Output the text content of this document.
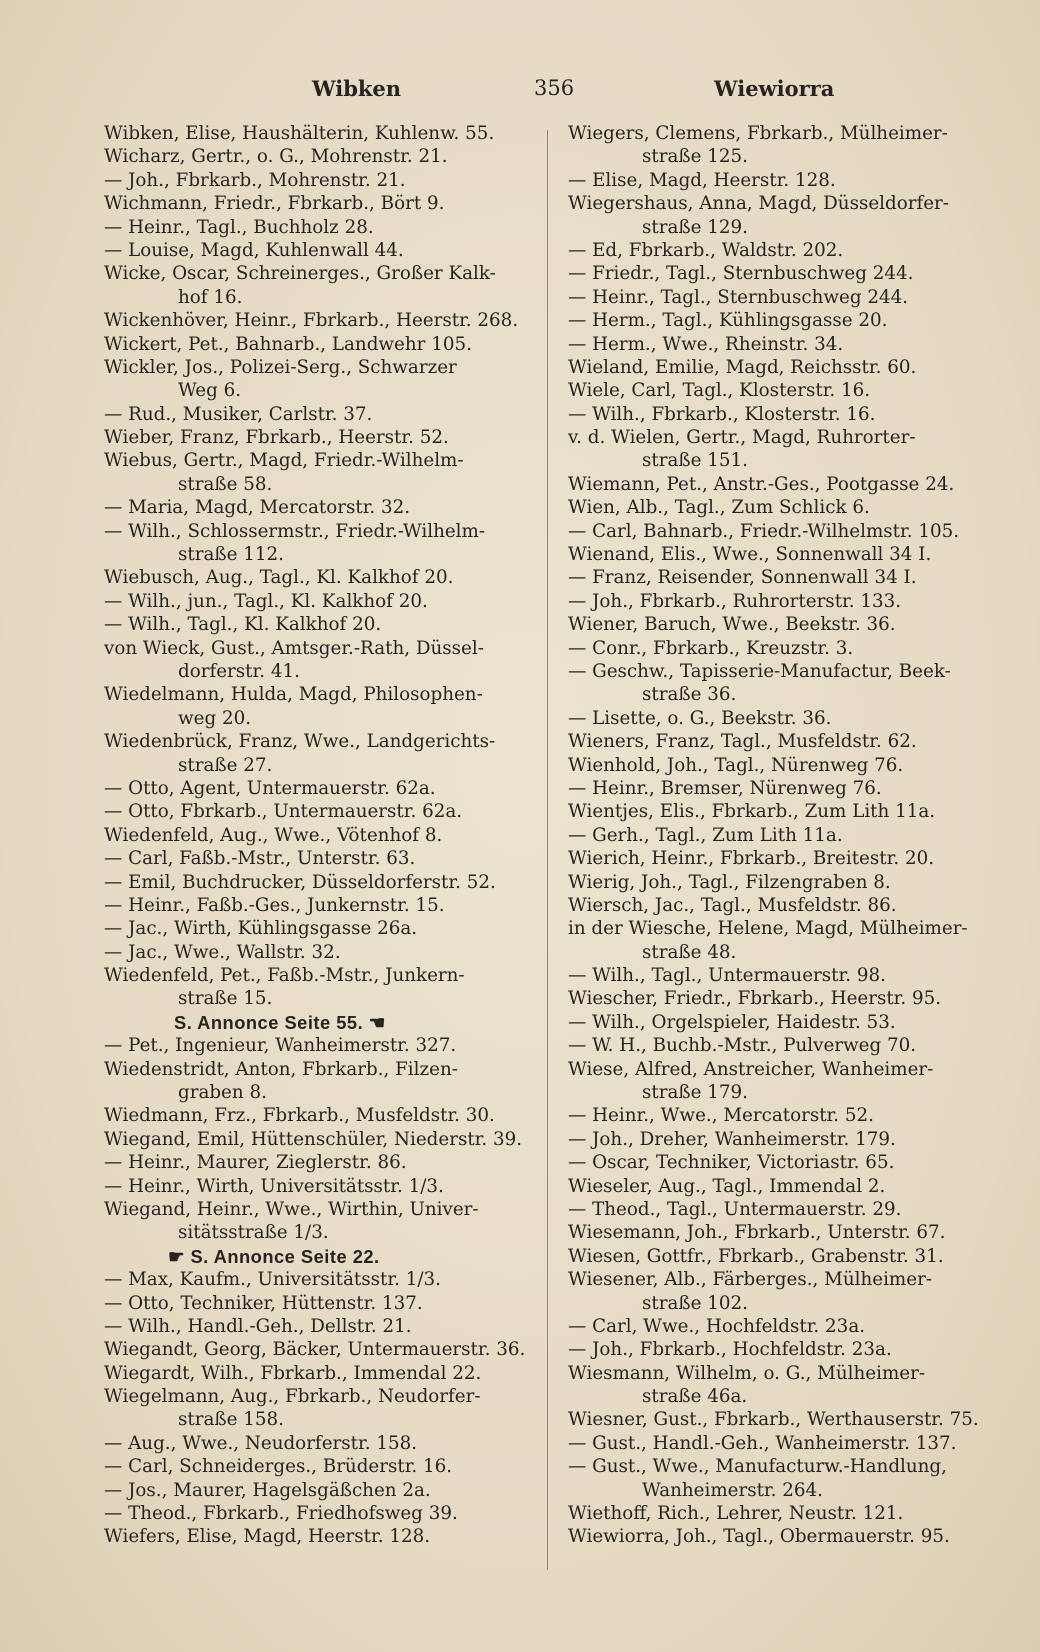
Wibken	356	Wiewiorra
Wibken, Elise, Haushälterin, Kuhlenw. 55.
Wicharz, Gertr., o. G., Mohrenstr. 21.
— Joh., Fbrkarb., Mohrenstr. 21.
Wichmann, Friedr., Fbrkarb., Bört 9.
— Heinr., Tagl., Buchholz 28.
— Louise, Magd, Kuhlenwall 44.
Wicke, Oscar, Schreinerges., Großer Kalk-
hof 16.
Wickenhöver, Heinr., Fbrkarb., Heerstr. 268.
Wickert, Pet., Bahnarb., Landwehr 105.
Wickler, Jos., Polizei-Serg., Schwarzer
Weg 6.
— Rud., Musiker, Carlstr. 37.
Wieber, Franz, Fbrkarb., Heerstr. 52.
Wiebus, Gertr., Magd, Friedr.-Wilhelm-
straße 58.
— Maria, Magd, Mercatorstr. 32.
— Wilh., Schlossermstr., Friedr.-Wilhelm-
straße 112.
Wiebusch, Aug., Tagl., Kl. Kalkhof 20.
— Wilh., jun., Tagl., Kl. Kalkhof 20.
— Wilh., Tagl., Kl. Kalkhof 20.
von Wieck, Gust., Amtsger.-Rath, Düssel-
dorferstr. 41.
Wiedelmann, Hulda, Magd, Philosophen-
weg 20.
Wiedenbrück, Franz, Wwe., Landgerichts-
straße 27.
— Otto, Agent, Untermauerstr. 62a.
— Otto, Fbrkarb., Untermauerstr. 62a.
Wiedenfeld, Aug., Wwe., Vötenhof 8.
— Carl, Faßb.-Mstr., Unterstr. 63.
— Emil, Buchdrucker, Düsseldorferstr. 52.
— Heinr., Faßb.-Ges., Junkernstr. 15.
— Jac., Wirth, Kühlingsgasse 26a.
— Jac., Wwe., Wallstr. 32.
Wiedenfeld, Pet., Faßb.-Mstr., Junkern-
straße 15.
S. Annonce Seite 55. ☚
— Pet., Ingenieur, Wanheimerstr. 327.
Wiedenstridt, Anton, Fbrkarb., Filzen-
graben 8.
Wiedmann, Frz., Fbrkarb., Musfeldstr. 30.
Wiegand, Emil, Hüttenschüler, Niederstr. 39.
— Heinr., Maurer, Zieglerstr. 86.
— Heinr., Wirth, Universitätsstr. 1/3.
Wiegand, Heinr., Wwe., Wirthin, Univer-
sitätsstraße 1/3.
☛ S. Annonce Seite 22.
— Max, Kaufm., Universitätsstr. 1/3.
— Otto, Techniker, Hüttenstr. 137.
— Wilh., Handl.-Geh., Dellstr. 21.
Wiegandt, Georg, Bäcker, Untermauerstr. 36.
Wiegardt, Wilh., Fbrkarb., Immendal 22.
Wiegelmann, Aug., Fbrkarb., Neudorfer-
straße 158.
— Aug., Wwe., Neudorferstr. 158.
— Carl, Schneiderges., Brüderstr. 16.
— Jos., Maurer, Hagelsgäßchen 2a.
— Theod., Fbrkarb., Friedhofsweg 39.
Wiefers, Elise, Magd, Heerstr. 128.
Wiegers, Clemens, Fbrkarb., Mülheimer-
straße 125.
— Elise, Magd, Heerstr. 128.
Wiegershaus, Anna, Magd, Düsseldorfer-
straße 129.
— Ed, Fbrkarb., Waldstr. 202.
— Friedr., Tagl., Sternbuschweg 244.
— Heinr., Tagl., Sternbuschweg 244.
— Herm., Tagl., Kühlingsgasse 20.
— Herm., Wwe., Rheinstr. 34.
Wieland, Emilie, Magd, Reichsstr. 60.
Wiele, Carl, Tagl., Klosterstr. 16.
— Wilh., Fbrkarb., Klosterstr. 16.
v. d. Wielen, Gertr., Magd, Ruhrorter-
straße 151.
Wiemann, Pet., Anstr.-Ges., Pootgasse 24.
Wien, Alb., Tagl., Zum Schlick 6.
— Carl, Bahnarb., Friedr.-Wilhelmstr. 105.
Wienand, Elis., Wwe., Sonnenwall 34 I.
— Franz, Reisender, Sonnenwall 34 I.
— Joh., Fbrkarb., Ruhrorterstr. 133.
Wiener, Baruch, Wwe., Beekstr. 36.
— Conr., Fbrkarb., Kreuzstr. 3.
— Geschw., Tapisserie-Manufactur, Beek-
straße 36.
— Lisette, o. G., Beekstr. 36.
Wieners, Franz, Tagl., Musfeldstr. 62.
Wienhold, Joh., Tagl., Nürenweg 76.
— Heinr., Bremser, Nürenweg 76.
Wientjes, Elis., Fbrkarb., Zum Lith 11a.
— Gerh., Tagl., Zum Lith 11a.
Wierich, Heinr., Fbrkarb., Breitestr. 20.
Wierig, Joh., Tagl., Filzengraben 8.
Wiersch, Jac., Tagl., Musfeldstr. 86.
in der Wiesche, Helene, Magd, Mülheimer-
straße 48.
— Wilh., Tagl., Untermauerstr. 98.
Wiescher, Friedr., Fbrkarb., Heerstr. 95.
— Wilh., Orgelspieler, Haidestr. 53.
— W. H., Buchb.-Mstr., Pulverweg 70.
Wiese, Alfred, Anstreicher, Wanheimer-
straße 179.
— Heinr., Wwe., Mercatorstr. 52.
— Joh., Dreher, Wanheimerstr. 179.
— Oscar, Techniker, Victoriastr. 65.
Wieseler, Aug., Tagl., Immendal 2.
— Theod., Tagl., Untermauerstr. 29.
Wiesemann, Joh., Fbrkarb., Unterstr. 67.
Wiesen, Gottfr., Fbrkarb., Grabenstr. 31.
Wiesener, Alb., Färberges., Mülheimer-
straße 102.
— Carl, Wwe., Hochfeldstr. 23a.
— Joh., Fbrkarb., Hochfeldstr. 23a.
Wiesmann, Wilhelm, o. G., Mülheimer-
straße 46a.
Wiesner, Gust., Fbrkarb., Werthauserstr. 75.
— Gust., Handl.-Geh., Wanheimerstr. 137.
— Gust., Wwe., Manufacturw.-Handlung,
Wanheimerstr. 264.
Wiethoff, Rich., Lehrer, Neustr. 121.
Wiewiorra, Joh., Tagl., Obermauerstr. 95.
